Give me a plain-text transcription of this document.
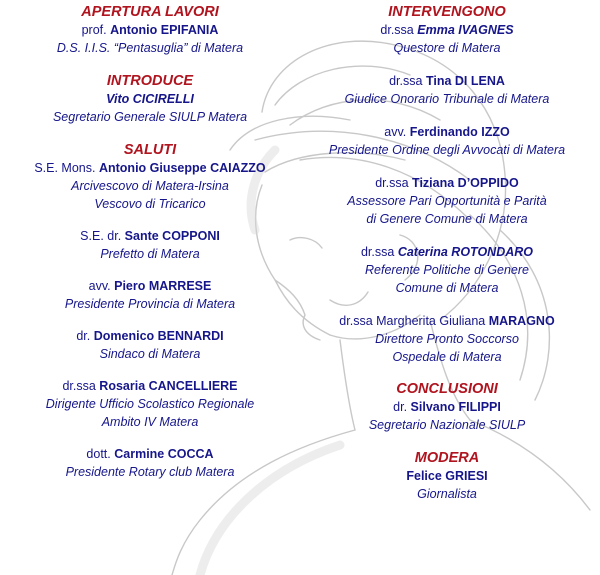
APERTURA LAVORI

prof. Antonio EPIFANIA
D.S. I.I.S. “Pentasuglia” di Matera

INTRODUCE

Vito CICIRELLI
Segretario Generale SIULP Matera

SALUTI

S.E. Mons. Antonio Giuseppe CAIAZZO
Arcivescovo di Matera-Irsina
Vescovo di Tricarico
S.E. dr. Sante COPPONI
Prefetto di Matera
avv. Piero MARRESE
Presidente Provincia di Matera
dr. Domenico BENNARDI
Sindaco di Matera
dr.ssa Rosaria CANCELLIERE
Dirigente Ufficio Scolastico Regionale
Ambito IV Matera
dott. Carmine COCCA
Presidente Rotary club Matera

INTERVENGONO

dr.ssa Emma IVAGNES
Questore di Matera
dr.ssa Tina DI LENA
Giudice Onorario Tribunale di Matera
avv. Ferdinando IZZO
Presidente Ordine degli Avvocati di Matera
dr.ssa Tiziana D’OPPIDO
Assessore Pari Opportunità e Parità
di Genere Comune di Matera
dr.ssa Caterina ROTONDARO
Referente Politiche di Genere
Comune di Matera
dr.ssa Margherita Giuliana MARAGNO
Direttore Pronto Soccorso
Ospedale di Matera

CONCLUSIONI

dr. Silvano FILIPPI
Segretario Nazionale SIULP

MODERA

Felice GRIESI
Giornalista
